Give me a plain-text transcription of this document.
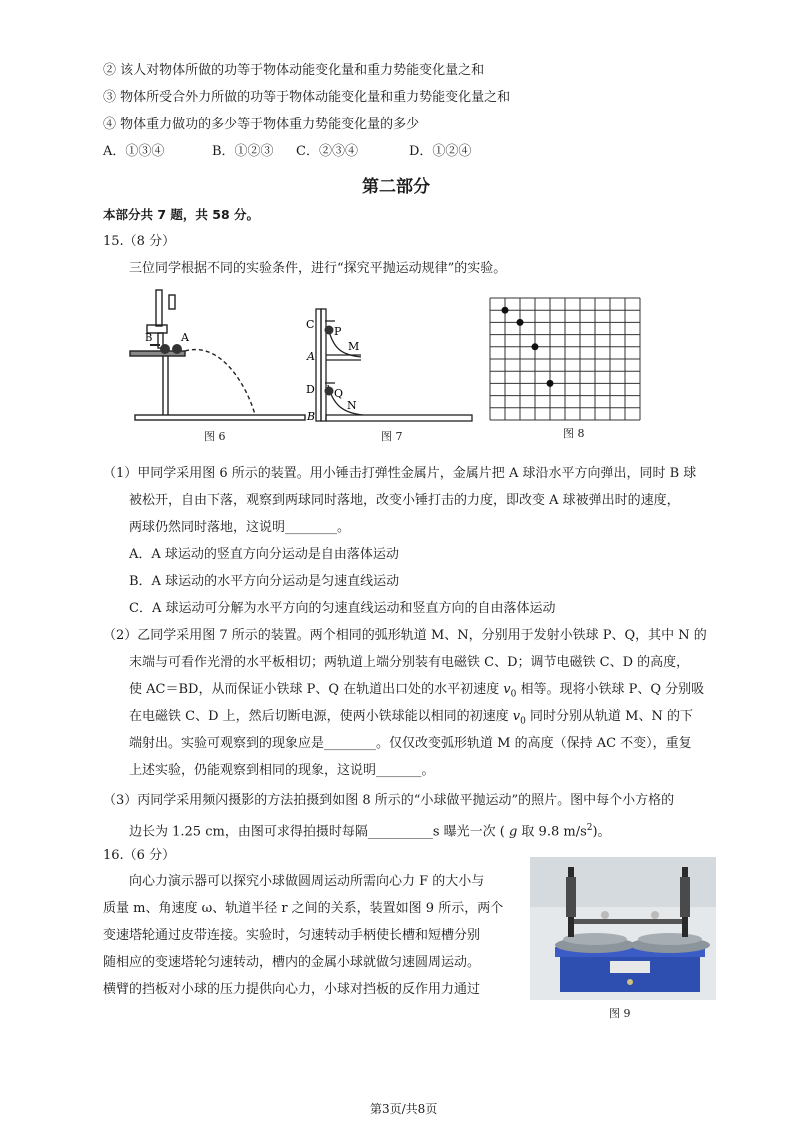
② 该人对物体所做的功等于物体动能变化量和重力势能变化量之和
③ 物体所受合外力所做的功等于物体动能变化量和重力势能变化量之和
④ 物体重力做功的多少等于物体重力势能变化量的多少
A．①③④	B．①②③ C．②③④	D．①②④
第二部分
本部分共 7 题，共 58 分。
15.（8 分）
三位同学根据不同的实验条件，进行“探究平抛运动规律”的实验。
B	A
图 6
C
P
M
A
D Q
N
B
图 7	图 8
（1）甲同学采用图 6 所示的装置。用小锤击打弹性金属片，金属片把 A 球沿水平方向弹出，同时 B 球
被松开，自由下落，观察到两球同时落地，改变小锤打击的力度，即改变 A 球被弹出时的速度，
两球仍然同时落地，这说明________。
A．A 球运动的竖直方向分运动是自由落体运动
B．A 球运动的水平方向分运动是匀速直线运动
C．A 球运动可分解为水平方向的匀速直线运动和竖直方向的自由落体运动
（2）乙同学采用图 7 所示的装置。两个相同的弧形轨道 M、N，分别用于发射小铁球 P、Q，其中 N 的
末端与可看作光滑的水平板相切；两轨道上端分别装有电磁铁 C、D；调节电磁铁 C、D 的高度，
使 AC＝BD，从而保证小铁球 P、Q 在轨道出口处的水平初速度 $v_0$ 相等。现将小铁球 P、Q 分别吸
在电磁铁 C、D 上，然后切断电源，使两小铁球能以相同的初速度 $v_0$ 同时分别从轨道 M、N 的下
端射出。实验可观察到的现象应是________。仅仅改变弧形轨道 M 的高度（保持 AC 不变），重复
上述实验，仍能观察到相同的现象，这说明_______。
（3）丙同学采用频闪摄影的方法拍摄到如图 8 所示的“小球做平抛运动”的照片。图中每个小方格的
边长为 1.25 cm，由图可求得拍摄时每隔__________s 曝光一次 ( g 取 9.8 $m/s^2$)。
16.（6 分）
向心力演示器可以探究小球做圆周运动所需向心力 F 的大小与
质量 m、角速度 ω、轨道半径 r 之间的关系，装置如图 9 所示，两个
变速塔轮通过皮带连接。实验时，匀速转动手柄使长槽和短槽分别
随相应的变速塔轮匀速转动，槽内的金属小球就做匀速圆周运动。
横臂的挡板对小球的压力提供向心力，小球对挡板的反作用力通过
图 9
第3页/共8页
